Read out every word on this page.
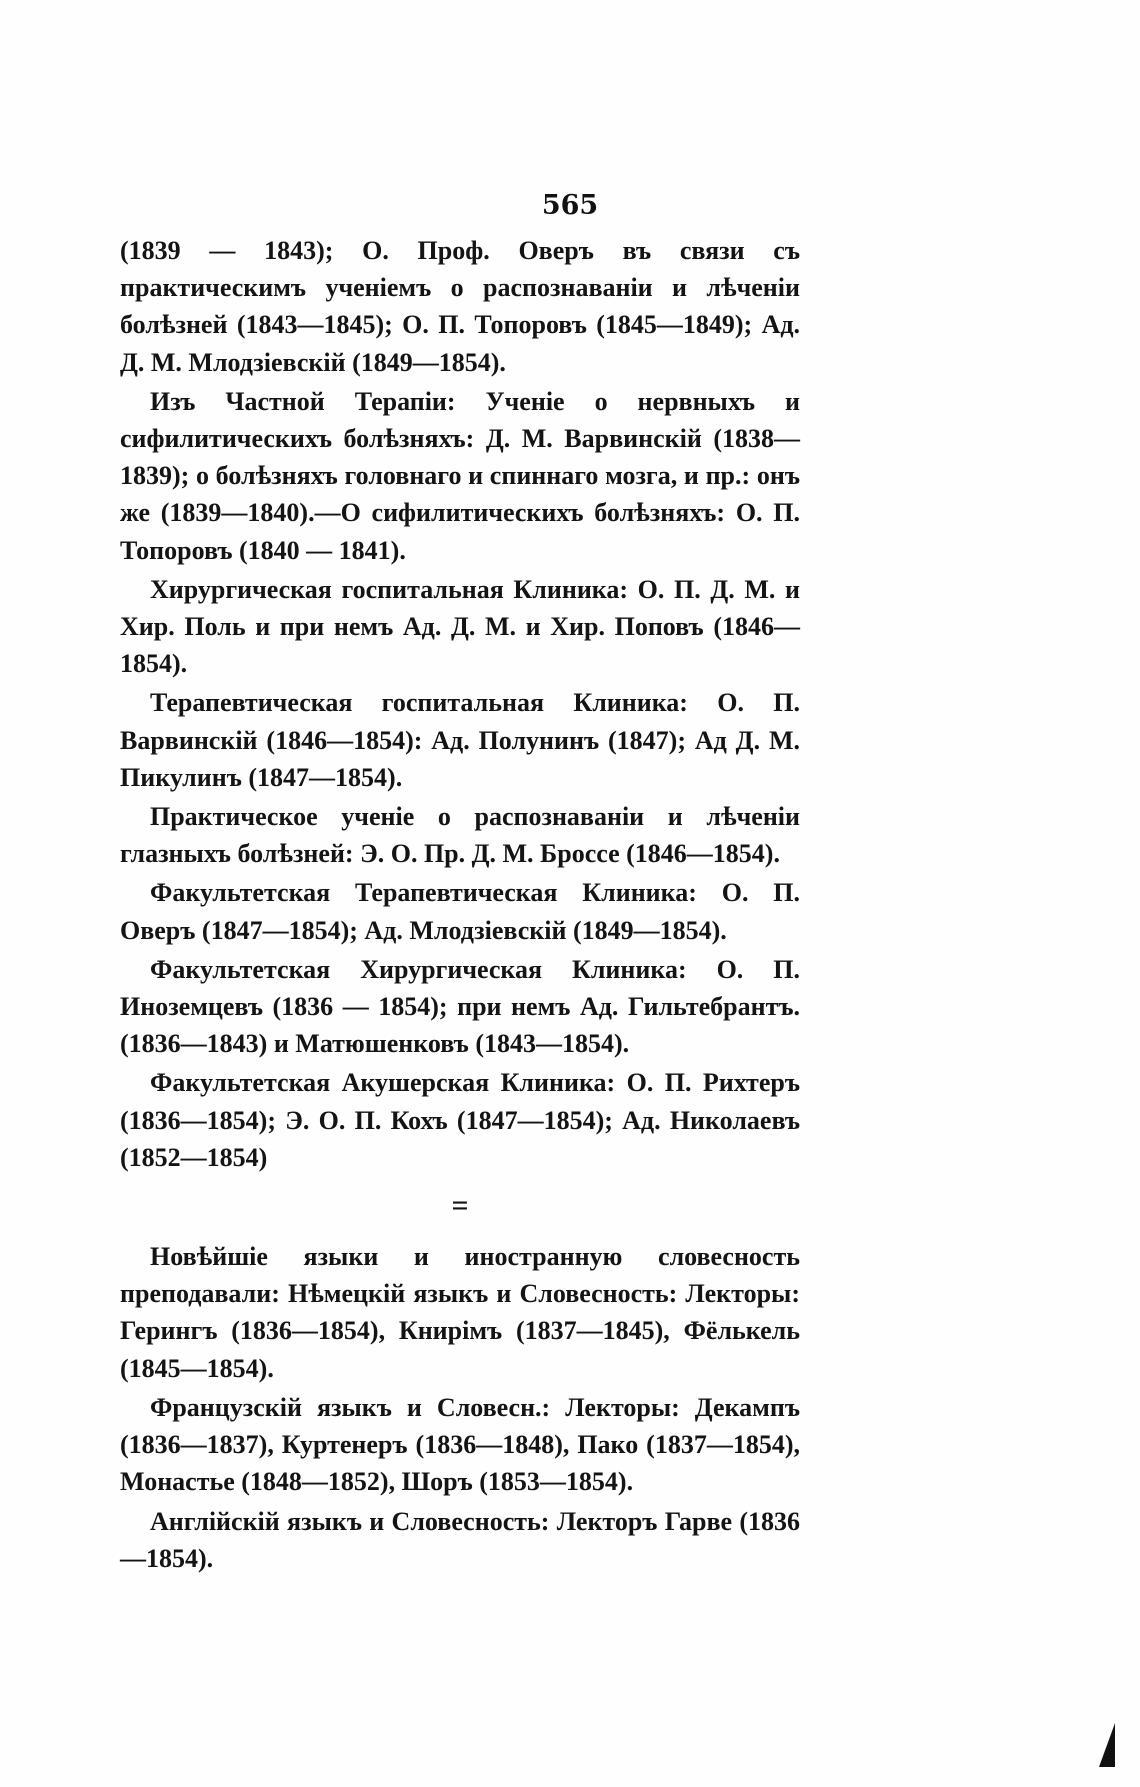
565

(1839 — 1843); О. Проф. Оверъ въ связи съ практическимъ ученіемъ о распознаваніи и лѣченіи болѣзней (1843—1845); О. П. Топоровъ (1845—1849); Ад. Д. М. Млодзіевскій (1849—1854).

Изъ Частной Терапіи: Ученіе о нервныхъ и сифилитическихъ болѣзняхъ: Д. М. Варвинскій (1838—1839); о болѣзняхъ головнаго и спиннаго мозга, и пр.: онъ же (1839—1840).—О сифилитическихъ болѣзняхъ: О. П. Топоровъ (1840 — 1841).

Хирургическая госпитальная Клиника: О. П. Д. М. и Хир. Поль и при немъ Ад. Д. М. и Хир. Поповъ (1846—1854).

Терапевтическая госпитальная Клиника: О. П. Варвинскій (1846—1854): Ад. Полунинъ (1847); Ад Д. М. Пикулинъ (1847—1854).

Практическое ученіе о распознаваніи и лѣченіи глазныхъ болѣзней: Э. О. Пр. Д. М. Броссе (1846—1854).

Факультетская Терапевтическая Клиника: О. П. Оверъ (1847—1854); Ад. Млодзіевскій (1849—1854).

Факультетская Хирургическая Клиника: О. П. Иноземцевъ (1836 — 1854); при немъ Ад. Гильтебрантъ. (1836—1843) и Матюшенковъ (1843—1854).

Факультетская Акушерская Клиника: О. П. Рихтеръ (1836—1854); Э. О. П. Кохъ (1847—1854); Ад. Николаевъ (1852—1854)

=

Новѣйшіе языки и иностранную словесность преподавали: Нѣмецкій языкъ и Словесность: Лекторы: Герингъ (1836—1854), Книрімъ (1837—1845), Фёлькель (1845—1854).

Французскій языкъ и Словесн.: Лекторы: Декампъ (1836—1837), Куртенеръ (1836—1848), Пако (1837—1854), Монастье (1848—1852), Шоръ (1853—1854).

Англійскій языкъ и Словесность: Лекторъ Гарве (1836—1854).
